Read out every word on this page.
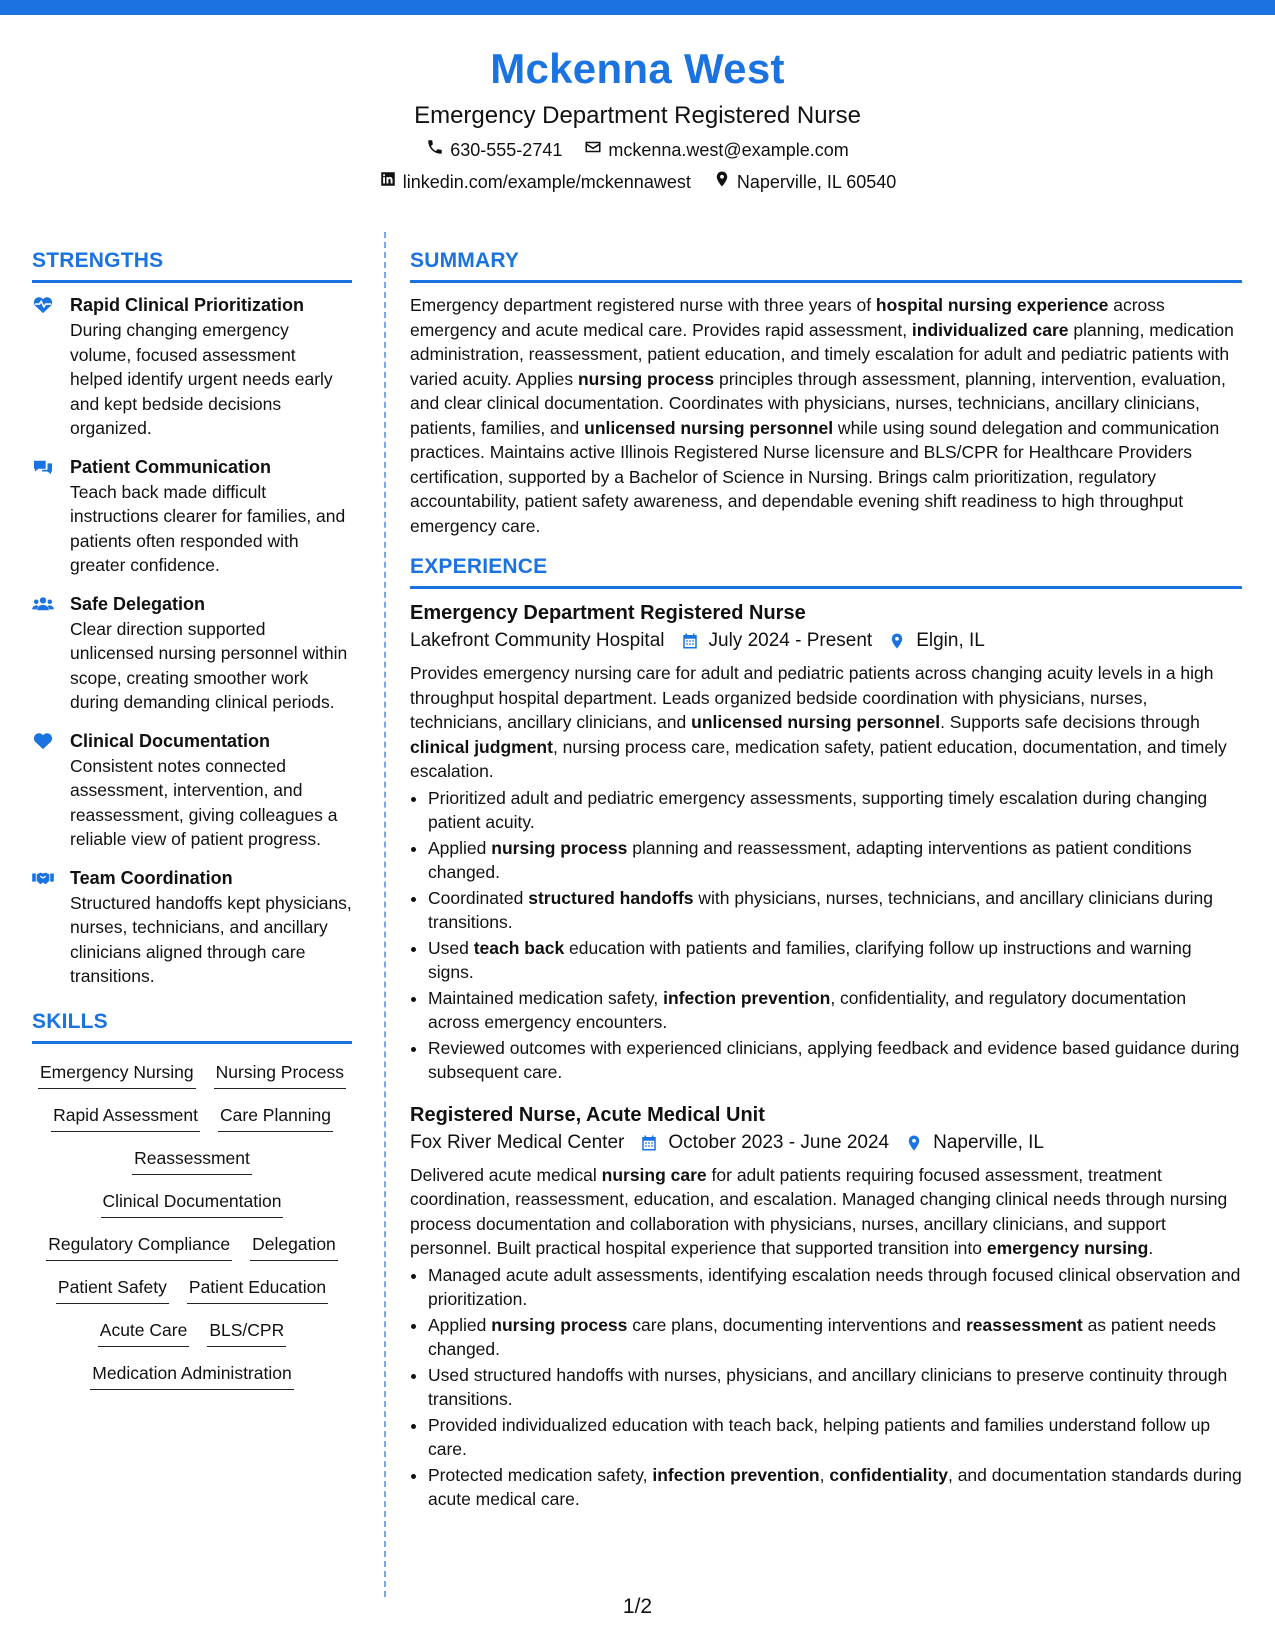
Mckenna West
Emergency Department Registered Nurse
630-555-2741	mckenna.west@example.com
linkedin.com/example/mckennawest	Naperville, IL 60540
STRENGTHS
Rapid Clinical Prioritization
During changing emergency volume, focused assessment helped identify urgent needs early and kept bedside decisions organized.
Patient Communication
Teach back made difficult instructions clearer for families, and patients often responded with greater confidence.
Safe Delegation
Clear direction supported unlicensed nursing personnel within scope, creating smoother work during demanding clinical periods.
Clinical Documentation
Consistent notes connected assessment, intervention, and reassessment, giving colleagues a reliable view of patient progress.
Team Coordination
Structured handoffs kept physicians, nurses, technicians, and ancillary clinicians aligned through care transitions.
SKILLS
Emergency Nursing Nursing Process
Rapid Assessment Care Planning
Reassessment
Clinical Documentation
Regulatory Compliance Delegation
Patient Safety Patient Education
Acute Care BLS/CPR
Medication Administration
SUMMARY
Emergency department registered nurse with three years of hospital nursing experience across emergency and acute medical care. Provides rapid assessment, individualized care planning, medication administration, reassessment, patient education, and timely escalation for adult and pediatric patients with varied acuity. Applies nursing process principles through assessment, planning, intervention, evaluation, and clear clinical documentation. Coordinates with physicians, nurses, technicians, ancillary clinicians, patients, families, and unlicensed nursing personnel while using sound delegation and communication practices. Maintains active Illinois Registered Nurse licensure and BLS/CPR for Healthcare Providers certification, supported by a Bachelor of Science in Nursing. Brings calm prioritization, regulatory accountability, patient safety awareness, and dependable evening shift readiness to high throughput emergency care.
EXPERIENCE
Emergency Department Registered Nurse
Lakefront Community Hospital July 2024 - Present Elgin, IL
Provides emergency nursing care for adult and pediatric patients across changing acuity levels in a high throughput hospital department. Leads organized bedside coordination with physicians, nurses, technicians, ancillary clinicians, and unlicensed nursing personnel. Supports safe decisions through clinical judgment, nursing process care, medication safety, patient education, documentation, and timely escalation.
• Prioritized adult and pediatric emergency assessments, supporting timely escalation during changing patient acuity.
• Applied nursing process planning and reassessment, adapting interventions as patient conditions changed.
• Coordinated structured handoffs with physicians, nurses, technicians, and ancillary clinicians during transitions.
• Used teach back education with patients and families, clarifying follow up instructions and warning signs.
• Maintained medication safety, infection prevention, confidentiality, and regulatory documentation across emergency encounters.
• Reviewed outcomes with experienced clinicians, applying feedback and evidence based guidance during subsequent care.
Registered Nurse, Acute Medical Unit
Fox River Medical Center October 2023 - June 2024 Naperville, IL
Delivered acute medical nursing care for adult patients requiring focused assessment, treatment coordination, reassessment, education, and escalation. Managed changing clinical needs through nursing process documentation and collaboration with physicians, nurses, ancillary clinicians, and support personnel. Built practical hospital experience that supported transition into emergency nursing.
• Managed acute adult assessments, identifying escalation needs through focused clinical observation and prioritization.
• Applied nursing process care plans, documenting interventions and reassessment as patient needs changed.
• Used structured handoffs with nurses, physicians, and ancillary clinicians to preserve continuity through transitions.
• Provided individualized education with teach back, helping patients and families understand follow up care.
• Protected medication safety, infection prevention, confidentiality, and documentation standards during acute medical care.
1/2
